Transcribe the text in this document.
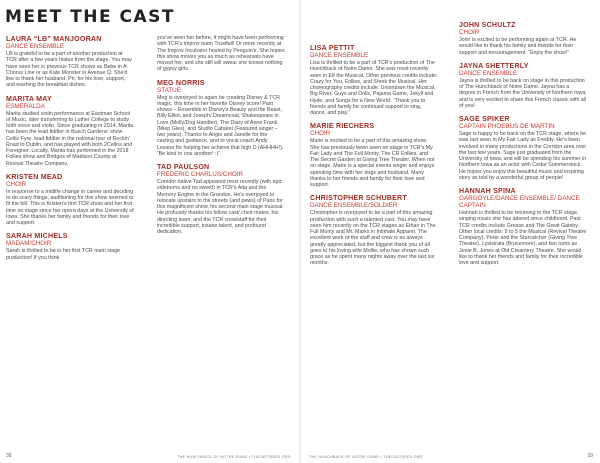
MEET THE CAST

LAURA “LB” MANJOORAN

DANCE ENSEMBLE

LB is grateful to be a part of another production at TCR after a few years hiatus from the stage. You may have seen her in previous TCR shows as Bebe in A Chorus Line or as Kate Monster in Avenue Q. She'd like to thank her husband, Pri, for his love, support, and washing the breakfast dishes.

MARITA MAY

ESMERALDA

Marita studied violin performance at Eastman School of Music, later transferring to Luther College to study both voice and violin. Since graduating in 2014, Marita has been the lead fiddler in Busch Gardens' show Celtic Fyre, lead fiddler in the national tour of Rockin' Road to Dublin, and has played with both 2Cellos and Foreigner. Locally, Marita has performed in the 2018 Follies show and Bridges of Madison County at Revival Theatre Company.

KRISTEN MEAD

CHOIR

In response to a midlife change in career and deciding to do scary things, auditioning for this show seemed to fit the bill. This is Kristen's first TCR show and her first time on stage since her opera days at the University of Iowa. She thanks her family and friends for their love and support.

SARAH MICHELS

MADAM/CHOIR

Sarah is thrilled to be in her first TCR main stage production! If you think

you've seen her before, it might have been performing with TCR's improv team Trustfall! Or more recently at The Improv Incubator hosted by Penguin's. She hopes this show moves you as much as rehearsals have moved her, and she still will swear she knows nothing of gypsy girls.

MEG NORRIS

STATUE

Meg is overjoyed to again be creating Disney & TCR magic, this time in her favorite Disney score! Past shows – Ensemble in Disney's Beauty and the Beast, Billy Elliot, and Joseph/ Dreamcoat, Shakespeare in Love (Molly/Dog Handler), The Diary of Anne Frank (Miep Gies), and Studio Cabaret (Featured singer – two years). Thanks to Angie and Janelle for the casting and guidance, and to vocal coach Andy Lesieur for helping her achieve that high D (AHHHH!). “Be kind to one another! :)”

TAD PAULSON

FREDERIC CHARLUS/CHOIR

Corridor native Tad appeared most recently (with epic sideburns and no sword) in TCR's Ada and the Memory Engine in the Grandon. He's overjoyed to relocate upstairs to the streets (and pews) of Paris for this magnificent show, his second main stage musical. He profusely thanks his fellow cast/ choir mates, his directing team, and the TCR crew/staff for their incredible support, insane talent, and profound dedication.

38	THE HUNCHBACK OF NOTRE DAME • TLBCASTREES.ORG

LISA PETTIT

DANCE ENSEMBLE

Lisa is thrilled to be a part of TCR's production of The Hunchback of Notre Dame. She was most recently seen in Elf the Musical. Other previous credits include: Crazy for You, Follies, and Shrek the Musical. Her choreography credits include: Uniontown the Musical, Big River, Guys and Dolls, Pajama Game, Jekyll and Hyde, and Songs for a New World. “Thank you to friends and family for continued support to sing, dance, and play.”

MARIE RIECHERS

CHOIR

Marie is excited to be a part of this amazing show. She has previously been seen on stage in TCR's My Fair Lady and The Full Monty, The CR Follies, and The Secret Garden at Giving Tree Theater. When not on stage, Marie is a special events singer and enjoys spending time with her dogs and husband. Many thanks to her friends and family for their love and support.

CHRISTOPHER SCHUBERT

DANCE ENSEMBLE/SOLDIER

Christopher is overjoyed to be a part of this amazing production with such a talented cast. You may have seen him recently on the TCR stages as Ethan in The Full Monty and Mr. Marks in Intimate Apparel. The excellent work of the staff and crew is as always greatly appreciated, but the biggest thank you of all goes to his loving wife Mollie, who has shown such grace as he spent many nights away over the last six months.

JOHN SCHULTZ

CHOIR

John is excited to be performing again at TCR. He would like to thank his family and friends for their support and encouragement. “Enjoy the show!”

JAYNA SHETTERLY

DANCE ENSEMBLE

Jayna is thrilled to be back on stage in this production of The Hunchback of Notre Dame. Jayna has a degree in French from the University of Northern Iowa, and is very excited to share this French classic with all of you!

SAGE SPIKER

CAPTAIN PHOEBUS DE MARTIN

Sage is happy to be back on the TCR stage, where he was last seen in My Fair Lady as Freddy. He's been involved in many productions in the Corridor area over the last few years. Sage just graduated from the University of Iowa, and will be spending his summer in Northern Iowa as an actor with Cedar Summerstock. He hopes you enjoy this beautiful music and inspiring story as told by a wonderful group of people!

HANNAH SPINA

GARGOYLE/DANCE ENSEMBLE/ DANCE CAPTAIN

Hannah is thrilled to be returning to the TCR stage, singing music she has adored since childhood. Past TCR credits include Grease and The Great Gatsby. Other local credits: 9 to 5 the Musical (Revival Theatre Company), Peter and the Starcatcher (Giving Tree Theatre), Lysistrata (Brucemore), and two turns as Junie B. Jones at Old Creamery Theatre. She would like to thank her friends and family for their incredible love and support.

THE HUNCHBACK OF NOTRE DAME • TLBCASTREES.ORG	39
